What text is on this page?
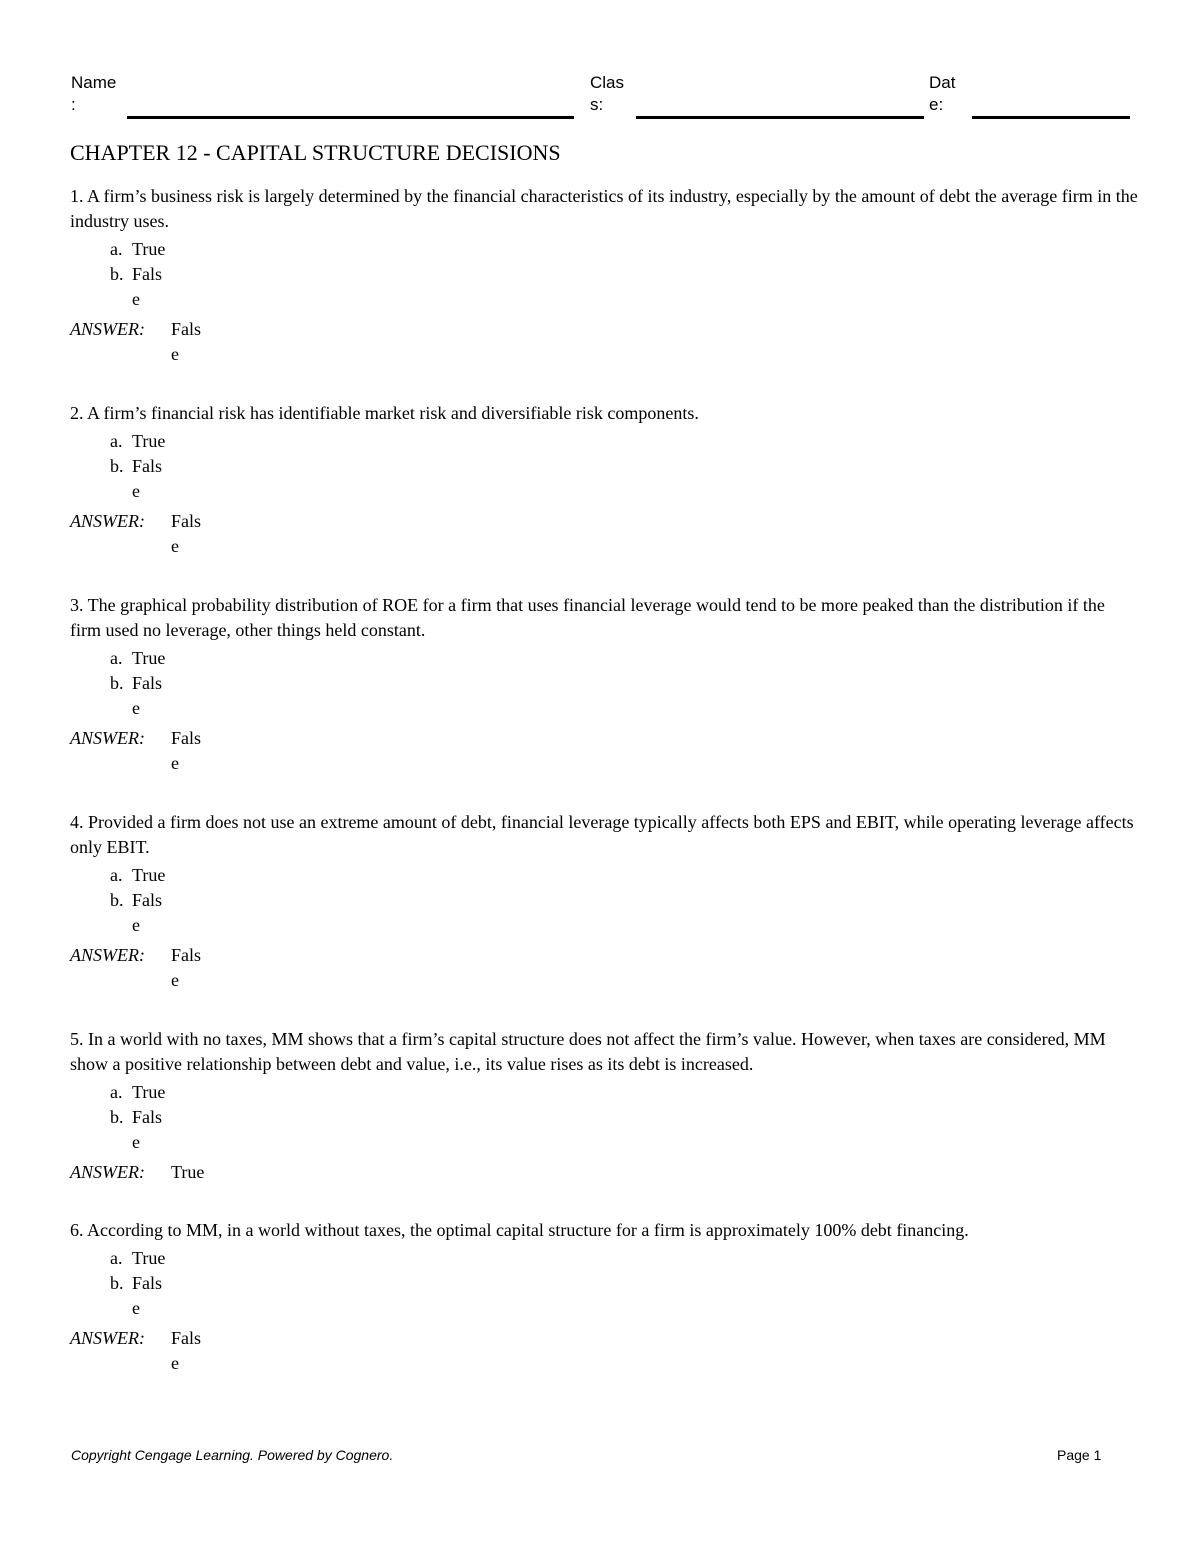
Name
:
Clas
s:
Dat
e:
CHAPTER 12 - CAPITAL STRUCTURE DECISIONS
1. A firm’s business risk is largely determined by the financial characteristics of its industry, especially by the amount of debt the average firm in the industry uses.
a. True
b. Fals
e
ANSWER: Fals
e
2. A firm’s financial risk has identifiable market risk and diversifiable risk components.
a. True
b. Fals
e
ANSWER: Fals
e
3. The graphical probability distribution of ROE for a firm that uses financial leverage would tend to be more peaked than the distribution if the firm used no leverage, other things held constant.
a. True
b. Fals
e
ANSWER: Fals
e
4. Provided a firm does not use an extreme amount of debt, financial leverage typically affects both EPS and EBIT, while operating leverage affects only EBIT.
a. True
b. Fals
e
ANSWER: Fals
e
5. In a world with no taxes, MM shows that a firm’s capital structure does not affect the firm’s value. However, when taxes are considered, MM show a positive relationship between debt and value, i.e., its value rises as its debt is increased.
a. True
b. Fals
e
ANSWER: True
6. According to MM, in a world without taxes, the optimal capital structure for a firm is approximately 100% debt financing.
a. True
b. Fals
e
ANSWER: Fals
e
Copyright Cengage Learning. Powered by Cognero.	Page 1
